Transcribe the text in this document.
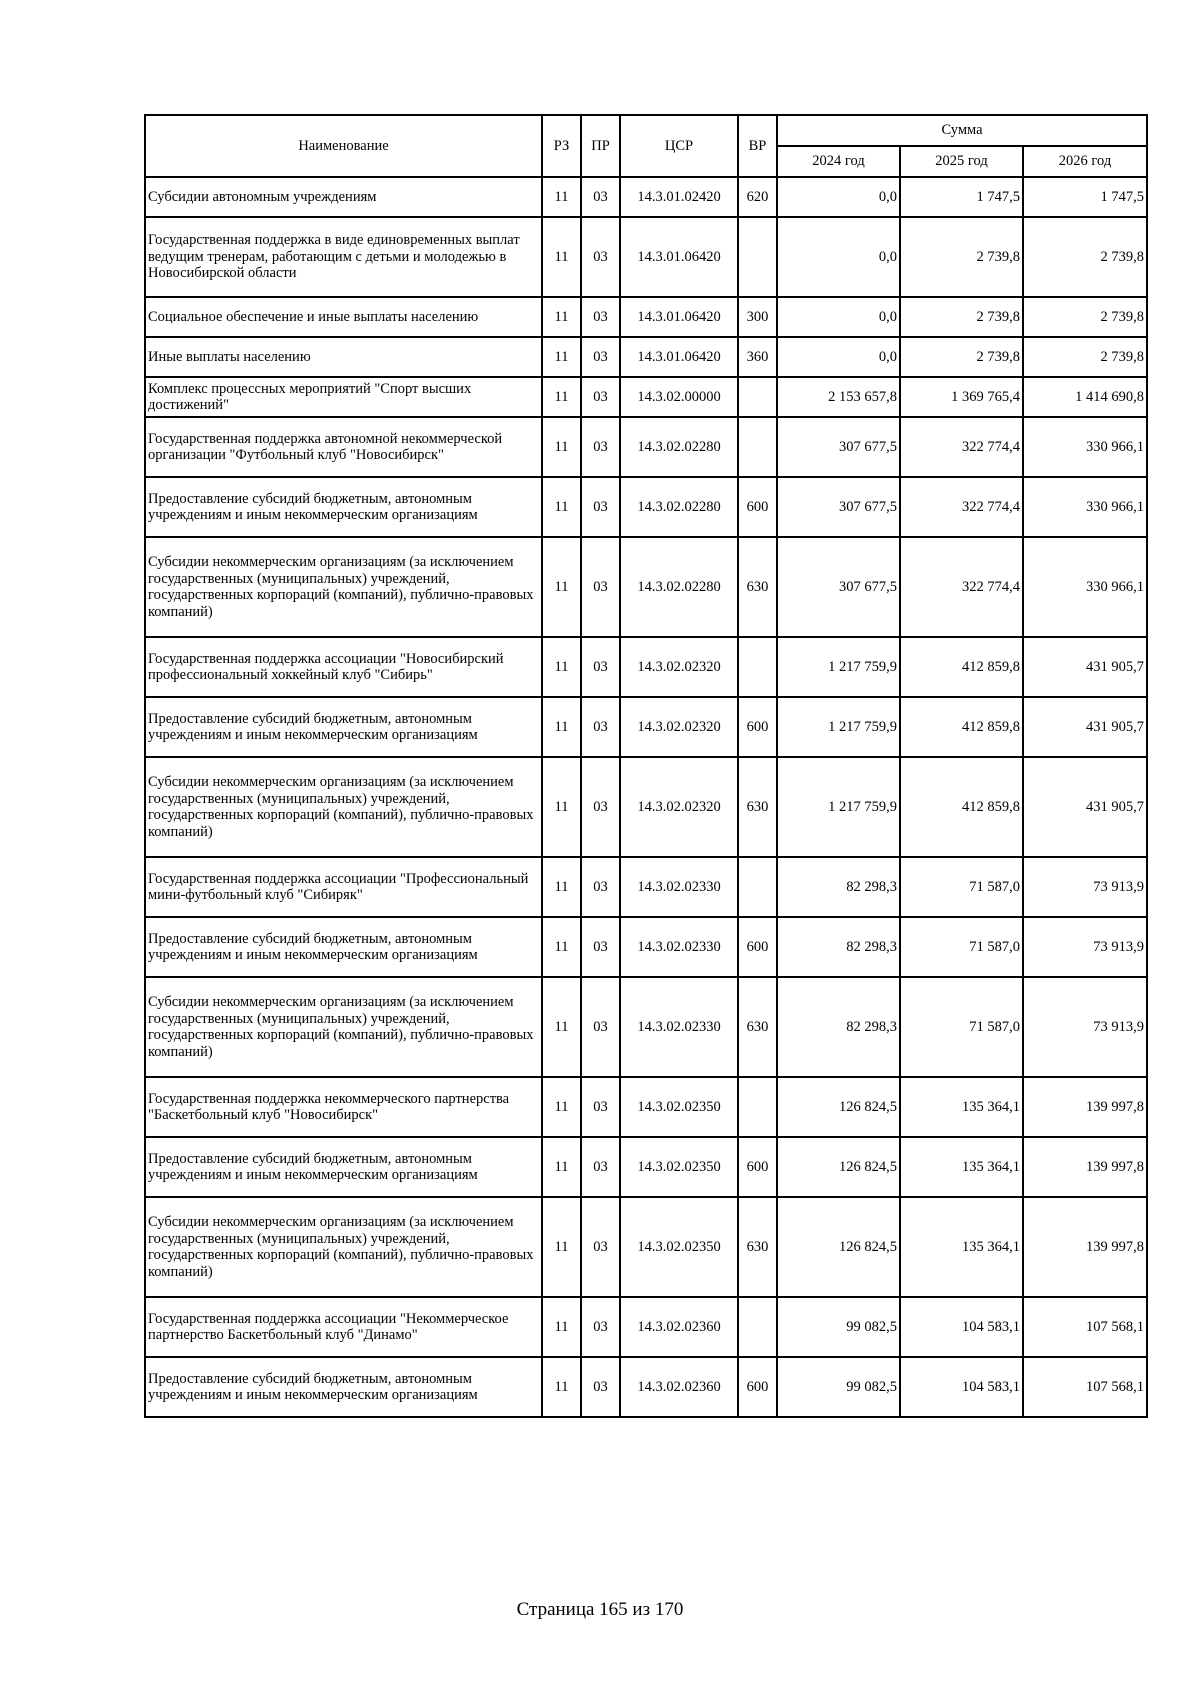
Наименование	РЗ	ПР	ЦСР	ВР	Сумма		
					2024 год	2025 год	2026 год
Субсидии автономным учреждениям	11	03	14.3.01.02420	620	0,0	1 747,5	1 747,5
Государственная поддержка в виде единовременных выплат ведущим тренерам, работающим с детьми и молодежью в Новосибирской области	11	03	14.3.01.06420		0,0	2 739,8	2 739,8
Социальное обеспечение и иные выплаты населению	11	03	14.3.01.06420	300	0,0	2 739,8	2 739,8
Иные выплаты населению	11	03	14.3.01.06420	360	0,0	2 739,8	2 739,8
Комплекс процессных мероприятий "Спорт высших достижений"	11	03	14.3.02.00000		2 153 657,8	1 369 765,4	1 414 690,8
Государственная поддержка автономной некоммерческой организации "Футбольный клуб "Новосибирск"	11	03	14.3.02.02280		307 677,5	322 774,4	330 966,1
Предоставление субсидий бюджетным, автономным учреждениям и иным некоммерческим организациям	11	03	14.3.02.02280	600	307 677,5	322 774,4	330 966,1
Субсидии некоммерческим организациям (за исключением государственных (муниципальных) учреждений, государственных корпораций (компаний), публично-правовых компаний)	11	03	14.3.02.02280	630	307 677,5	322 774,4	330 966,1
Государственная поддержка ассоциации "Новосибирский профессиональный хоккейный клуб "Сибирь"	11	03	14.3.02.02320		1 217 759,9	412 859,8	431 905,7
Предоставление субсидий бюджетным, автономным учреждениям и иным некоммерческим организациям	11	03	14.3.02.02320	600	1 217 759,9	412 859,8	431 905,7
Субсидии некоммерческим организациям (за исключением государственных (муниципальных) учреждений, государственных корпораций (компаний), публично-правовых компаний)	11	03	14.3.02.02320	630	1 217 759,9	412 859,8	431 905,7
Государственная поддержка ассоциации "Профессиональный мини-футбольный клуб "Сибиряк"	11	03	14.3.02.02330		82 298,3	71 587,0	73 913,9
Предоставление субсидий бюджетным, автономным учреждениям и иным некоммерческим организациям	11	03	14.3.02.02330	600	82 298,3	71 587,0	73 913,9
Субсидии некоммерческим организациям (за исключением государственных (муниципальных) учреждений, государственных корпораций (компаний), публично-правовых компаний)	11	03	14.3.02.02330	630	82 298,3	71 587,0	73 913,9
Государственная поддержка некоммерческого партнерства "Баскетбольный клуб "Новосибирск"	11	03	14.3.02.02350		126 824,5	135 364,1	139 997,8
Предоставление субсидий бюджетным, автономным учреждениям и иным некоммерческим организациям	11	03	14.3.02.02350	600	126 824,5	135 364,1	139 997,8
Субсидии некоммерческим организациям (за исключением государственных (муниципальных) учреждений, государственных корпораций (компаний), публично-правовых компаний)	11	03	14.3.02.02350	630	126 824,5	135 364,1	139 997,8
Государственная поддержка ассоциации "Некоммерческое партнерство Баскетбольный клуб "Динамо"	11	03	14.3.02.02360		99 082,5	104 583,1	107 568,1
Предоставление субсидий бюджетным, автономным учреждениям и иным некоммерческим организациям	11	03	14.3.02.02360	600	99 082,5	104 583,1	107 568,1
Страница 165 из 170
